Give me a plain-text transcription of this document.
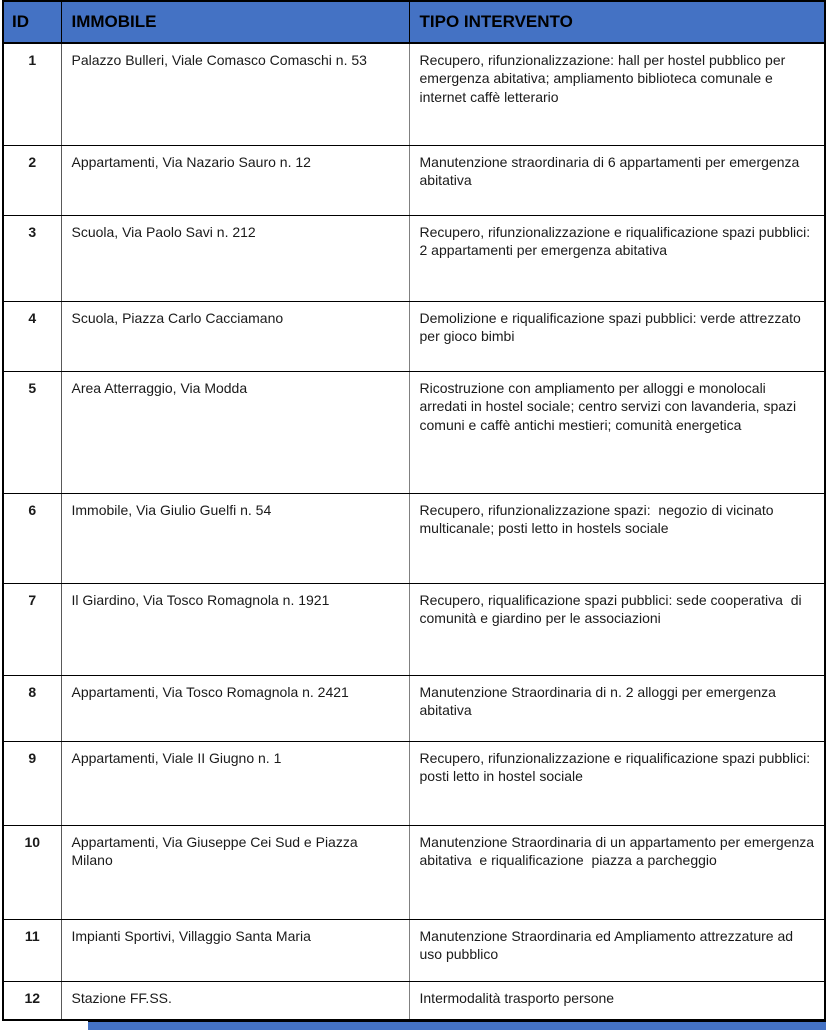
ID	IMMOBILE	TIPO INTERVENTO
1	Palazzo Bulleri, Viale Comasco Comaschi n. 53	Recupero, rifunzionalizzazione: hall per hostel pubblico per emergenza abitativa; ampliamento biblioteca comunale e internet caffè letterario
2	Appartamenti, Via Nazario Sauro n. 12	Manutenzione straordinaria di 6 appartamenti per emergenza abitativa
3	Scuola, Via Paolo Savi n. 212	Recupero, rifunzionalizzazione e riqualificazione spazi pubblici: 2 appartamenti per emergenza abitativa
4	Scuola, Piazza Carlo Cacciamano	Demolizione e riqualificazione spazi pubblici: verde attrezzato per gioco bimbi
5	Area Atterraggio, Via Modda	Ricostruzione con ampliamento per alloggi e monolocali arredati in hostel sociale; centro servizi con lavanderia, spazi comuni e caffè antichi mestieri; comunità energetica
6	Immobile, Via Giulio Guelfi n. 54	Recupero, rifunzionalizzazione spazi:  negozio di vicinato multicanale; posti letto in hostels sociale
7	Il Giardino, Via Tosco Romagnola n. 1921	Recupero, riqualificazione spazi pubblici: sede cooperativa  di comunità e giardino per le associazioni
8	Appartamenti, Via Tosco Romagnola n. 2421	Manutenzione Straordinaria di n. 2 alloggi per emergenza abitativa
9	Appartamenti, Viale II Giugno n. 1	Recupero, rifunzionalizzazione e riqualificazione spazi pubblici: posti letto in hostel sociale
10	Appartamenti, Via Giuseppe Cei Sud e Piazza Milano	Manutenzione Straordinaria di un appartamento per emergenza abitativa  e riqualificazione  piazza a parcheggio
11	Impianti Sportivi, Villaggio Santa Maria	Manutenzione Straordinaria ed Ampliamento attrezzature ad uso pubblico
12	Stazione FF.SS.	Intermodalità trasporto persone
